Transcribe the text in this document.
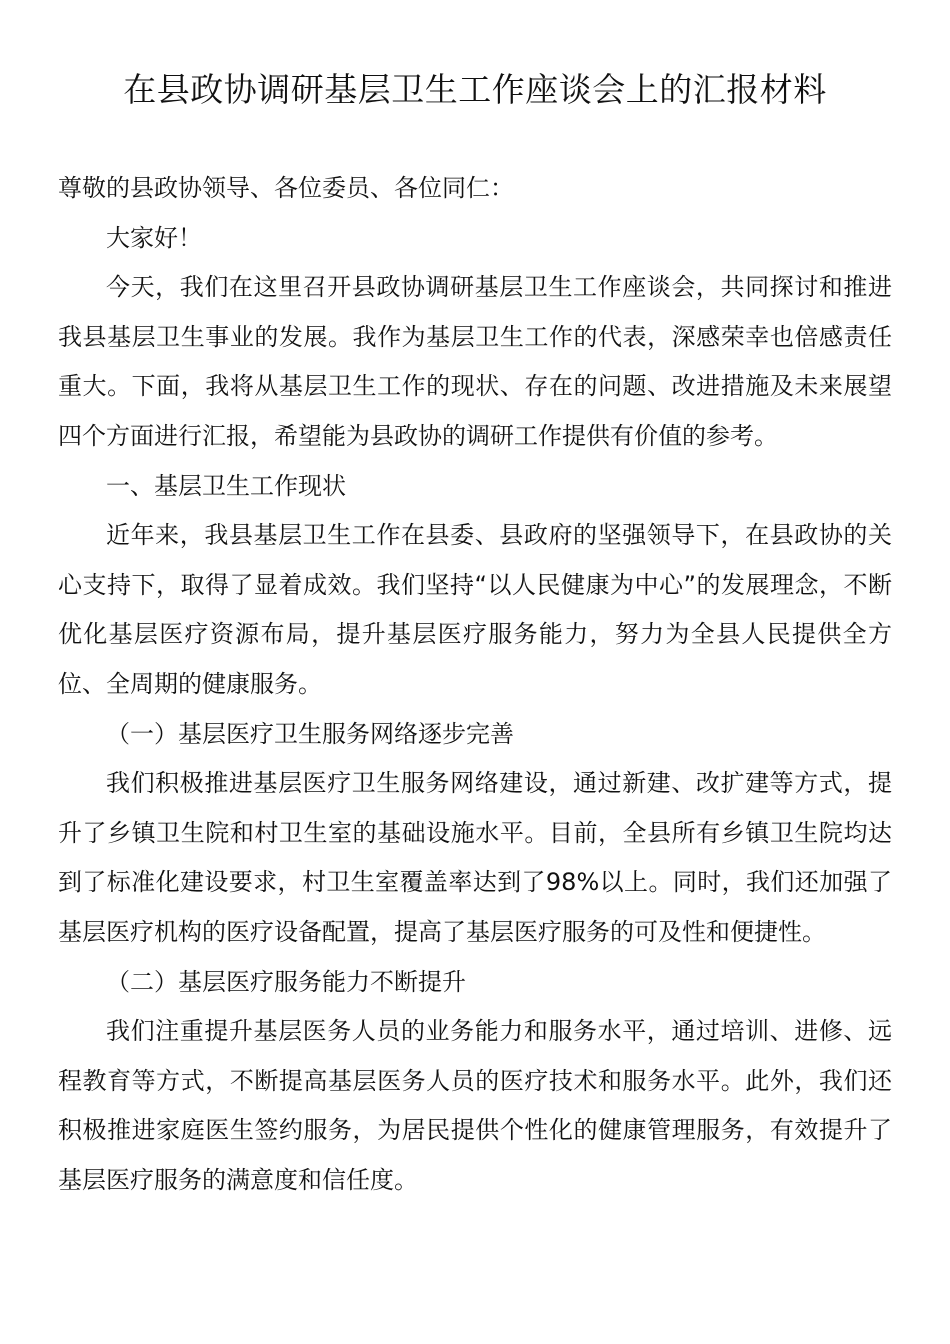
在县政协调研基层卫生工作座谈会上的汇报材料

尊敬的县政协领导、各位委员、各位同仁：

大家好！

今天，我们在这里召开县政协调研基层卫生工作座谈会，共同探讨和推进我县基层卫生事业的发展。我作为基层卫生工作的代表，深感荣幸也倍感责任重大。下面，我将从基层卫生工作的现状、存在的问题、改进措施及未来展望四个方面进行汇报，希望能为县政协的调研工作提供有价值的参考。

一、基层卫生工作现状

近年来，我县基层卫生工作在县委、县政府的坚强领导下，在县政协的关心支持下，取得了显着成效。我们坚持“以人民健康为中心”的发展理念，不断优化基层医疗资源布局，提升基层医疗服务能力，努力为全县人民提供全方位、全周期的健康服务。

（一）基层医疗卫生服务网络逐步完善

我们积极推进基层医疗卫生服务网络建设，通过新建、改扩建等方式，提升了乡镇卫生院和村卫生室的基础设施水平。目前，全县所有乡镇卫生院均达到了标准化建设要求，村卫生室覆盖率达到了98%以上。同时，我们还加强了基层医疗机构的医疗设备配置，提高了基层医疗服务的可及性和便捷性。

（二）基层医疗服务能力不断提升

我们注重提升基层医务人员的业务能力和服务水平，通过培训、进修、远程教育等方式，不断提高基层医务人员的医疗技术和服务水平。此外，我们还积极推进家庭医生签约服务，为居民提供个性化的健康管理服务，有效提升了基层医疗服务的满意度和信任度。
